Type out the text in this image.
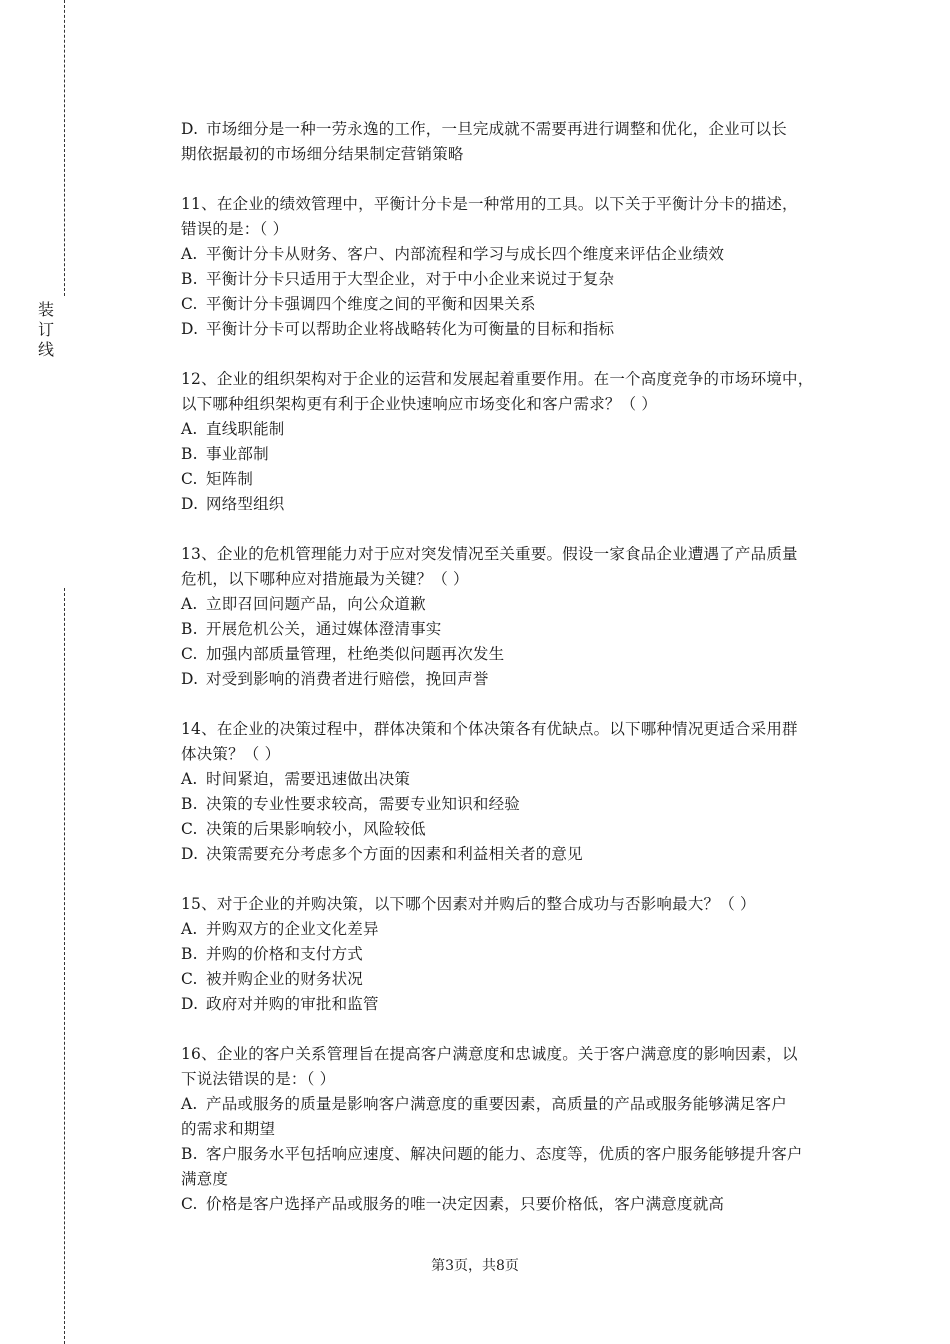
装
订
线
D. 市场细分是一种一劳永逸的工作，一旦完成就不需要再进行调整和优化，企业可以长
期依据最初的市场细分结果制定营销策略
11、在企业的绩效管理中，平衡计分卡是一种常用的工具。以下关于平衡计分卡的描述，
错误的是：（ ）
A. 平衡计分卡从财务、客户、内部流程和学习与成长四个维度来评估企业绩效
B. 平衡计分卡只适用于大型企业，对于中小企业来说过于复杂
C. 平衡计分卡强调四个维度之间的平衡和因果关系
D. 平衡计分卡可以帮助企业将战略转化为可衡量的目标和指标
12、企业的组织架构对于企业的运营和发展起着重要作用。在一个高度竞争的市场环境中，
以下哪种组织架构更有利于企业快速响应市场变化和客户需求？（ ）
A. 直线职能制
B. 事业部制
C. 矩阵制
D. 网络型组织
13、企业的危机管理能力对于应对突发情况至关重要。假设一家食品企业遭遇了产品质量
危机，以下哪种应对措施最为关键？（ ）
A. 立即召回问题产品，向公众道歉
B. 开展危机公关，通过媒体澄清事实
C. 加强内部质量管理，杜绝类似问题再次发生
D. 对受到影响的消费者进行赔偿，挽回声誉
14、在企业的决策过程中，群体决策和个体决策各有优缺点。以下哪种情况更适合采用群
体决策？（ ）
A. 时间紧迫，需要迅速做出决策
B. 决策的专业性要求较高，需要专业知识和经验
C. 决策的后果影响较小，风险较低
D. 决策需要充分考虑多个方面的因素和利益相关者的意见
15、对于企业的并购决策，以下哪个因素对并购后的整合成功与否影响最大？（ ）
A. 并购双方的企业文化差异
B. 并购的价格和支付方式
C. 被并购企业的财务状况
D. 政府对并购的审批和监管
16、企业的客户关系管理旨在提高客户满意度和忠诚度。关于客户满意度的影响因素，以
下说法错误的是：（ ）
A. 产品或服务的质量是影响客户满意度的重要因素，高质量的产品或服务能够满足客户
的需求和期望
B. 客户服务水平包括响应速度、解决问题的能力、态度等，优质的客户服务能够提升客户
满意度
C. 价格是客户选择产品或服务的唯一决定因素，只要价格低，客户满意度就高
第3页，共8页
